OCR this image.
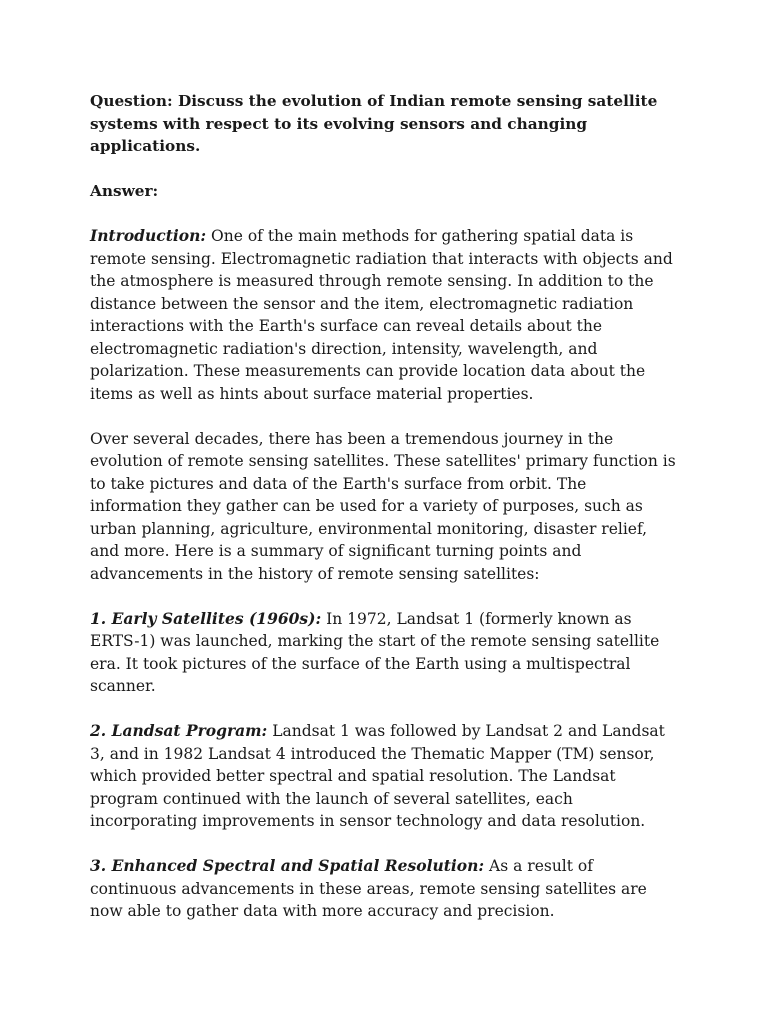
Question: Discuss the evolution of Indian remote sensing satellite systems with respect to its evolving sensors and changing applications.

Answer:

Introduction: One of the main methods for gathering spatial data is remote sensing. Electromagnetic radiation that interacts with objects and the atmosphere is measured through remote sensing. In addition to the distance between the sensor and the item, electromagnetic radiation interactions with the Earth's surface can reveal details about the electromagnetic radiation's direction, intensity, wavelength, and polarization. These measurements can provide location data about the items as well as hints about surface material properties.

Over several decades, there has been a tremendous journey in the evolution of remote sensing satellites. These satellites' primary function is to take pictures and data of the Earth's surface from orbit. The information they gather can be used for a variety of purposes, such as urban planning, agriculture, environmental monitoring, disaster relief, and more. Here is a summary of significant turning points and advancements in the history of remote sensing satellites:

1. Early Satellites (1960s): In 1972, Landsat 1 (formerly known as ERTS-1) was launched, marking the start of the remote sensing satellite era. It took pictures of the surface of the Earth using a multispectral scanner.

2. Landsat Program: Landsat 1 was followed by Landsat 2 and Landsat 3, and in 1982 Landsat 4 introduced the Thematic Mapper (TM) sensor, which provided better spectral and spatial resolution. The Landsat program continued with the launch of several satellites, each incorporating improvements in sensor technology and data resolution.

3. Enhanced Spectral and Spatial Resolution: As a result of continuous advancements in these areas, remote sensing satellites are now able to gather data with more accuracy and precision.
